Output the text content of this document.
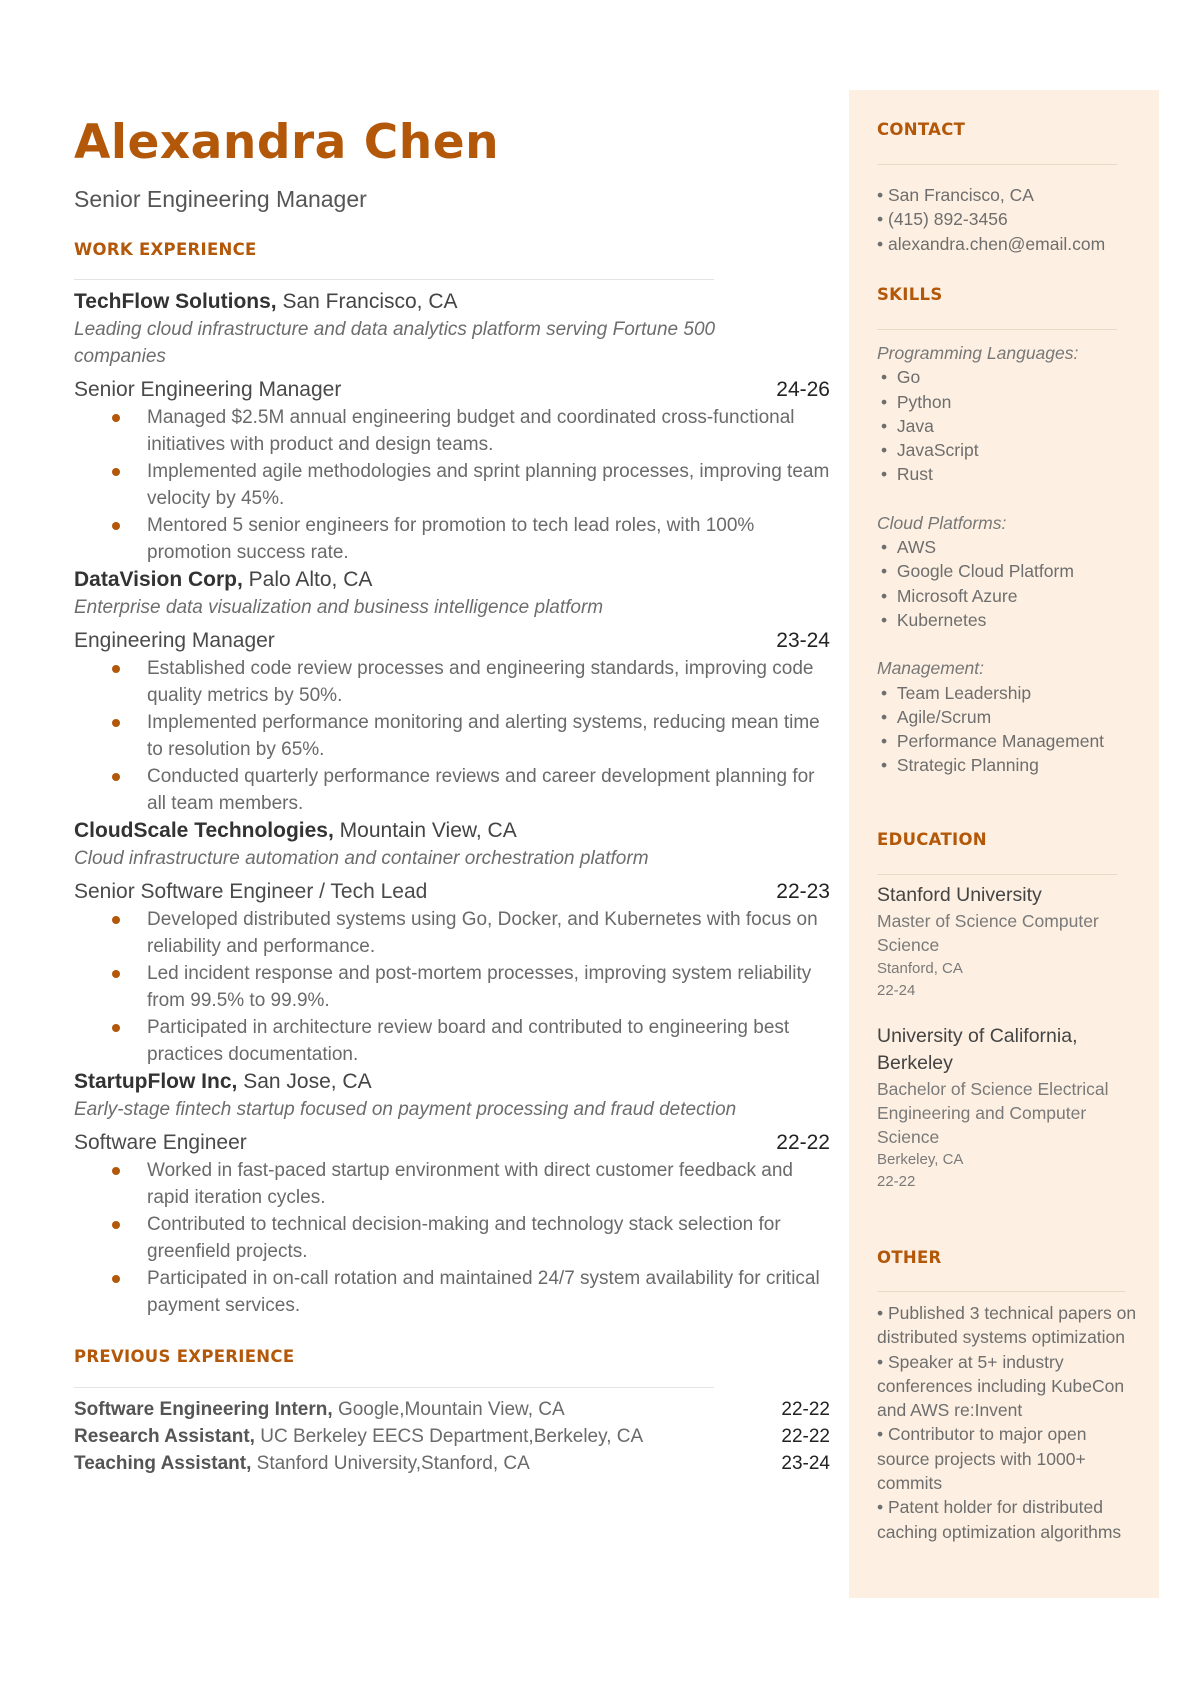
Alexandra Chen
Senior Engineering Manager
WORK EXPERIENCE
TechFlow Solutions, San Francisco, CA
Leading cloud infrastructure and data analytics platform serving Fortune 500 companies
Senior Engineering Manager	24-26
Managed $2.5M annual engineering budget and coordinated cross-functional initiatives with product and design teams.
Implemented agile methodologies and sprint planning processes, improving team velocity by 45%.
Mentored 5 senior engineers for promotion to tech lead roles, with 100% promotion success rate.
DataVision Corp, Palo Alto, CA
Enterprise data visualization and business intelligence platform
Engineering Manager	23-24
Established code review processes and engineering standards, improving code quality metrics by 50%.
Implemented performance monitoring and alerting systems, reducing mean time to resolution by 65%.
Conducted quarterly performance reviews and career development planning for all team members.
CloudScale Technologies, Mountain View, CA
Cloud infrastructure automation and container orchestration platform
Senior Software Engineer / Tech Lead	22-23
Developed distributed systems using Go, Docker, and Kubernetes with focus on reliability and performance.
Led incident response and post-mortem processes, improving system reliability from 99.5% to 99.9%.
Participated in architecture review board and contributed to engineering best practices documentation.
StartupFlow Inc, San Jose, CA
Early-stage fintech startup focused on payment processing and fraud detection
Software Engineer	22-22
Worked in fast-paced startup environment with direct customer feedback and rapid iteration cycles.
Contributed to technical decision-making and technology stack selection for greenfield projects.
Participated in on-call rotation and maintained 24/7 system availability for critical payment services.
PREVIOUS EXPERIENCE
Software Engineering Intern, Google,Mountain View, CA	22-22
Research Assistant, UC Berkeley EECS Department,Berkeley, CA	22-22
Teaching Assistant, Stanford University,Stanford, CA	23-24
CONTACT
• San Francisco, CA
• (415) 892-3456
• alexandra.chen@email.com
SKILLS
Programming Languages:
•  Go
•  Python
•  Java
•  JavaScript
•  Rust
Cloud Platforms:
•  AWS
•  Google Cloud Platform
•  Microsoft Azure
•  Kubernetes
Management:
•  Team Leadership
•  Agile/Scrum
•  Performance Management
•  Strategic Planning
EDUCATION
Stanford University
Master of Science Computer Science
Stanford, CA
22-24
University of California, Berkeley
Bachelor of Science Electrical Engineering and Computer Science
Berkeley, CA
22-22
OTHER
• Published 3 technical papers on distributed systems optimization
• Speaker at 5+ industry conferences including KubeCon and AWS re:Invent
• Contributor to major open source projects with 1000+ commits
• Patent holder for distributed caching optimization algorithms
